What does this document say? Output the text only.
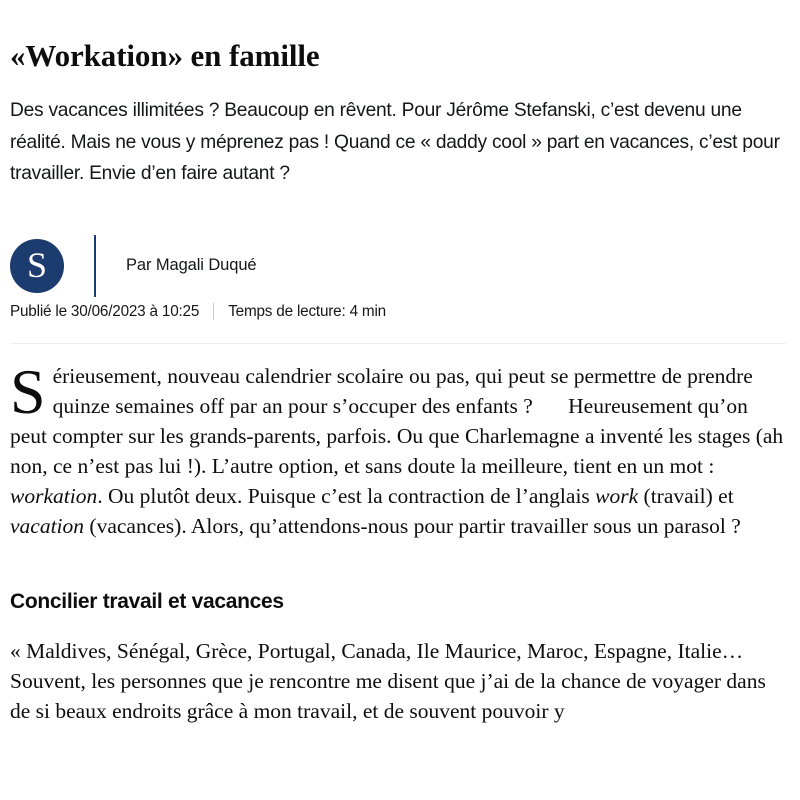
«Workation» en famille

Des vacances illimitées ? Beaucoup en rêvent. Pour Jérôme Stefanski, c’est devenu une réalité. Mais ne vous y méprenez pas ! Quand ce « daddy cool » part en vacances, c’est pour travailler. Envie d’en faire autant ?

S	Par Magali Duqué
Publié le 30/06/2023 à 10:25 Temps de lecture: 4 min

Sérieusement, nouveau calendrier scolaire ou pas, qui peut se permettre de prendre quinze semaines off par an pour s’occuper des enfants ? Heureusement qu’on peut compter sur les grands-parents, parfois. Ou que Charlemagne a inventé les stages (ah non, ce n’est pas lui !). L’autre option, et sans doute la meilleure, tient en un mot : workation. Ou plutôt deux. Puisque c’est la contraction de l’anglais work (travail) et vacation (vacances). Alors, qu’attendons-nous pour partir travailler sous un parasol ?

Concilier travail et vacances

« Maldives, Sénégal, Grèce, Portugal, Canada, Ile Maurice, Maroc, Espagne, Italie… Souvent, les personnes que je rencontre me disent que j’ai de la chance de voyager dans de si beaux endroits grâce à mon travail, et de souvent pouvoir y
